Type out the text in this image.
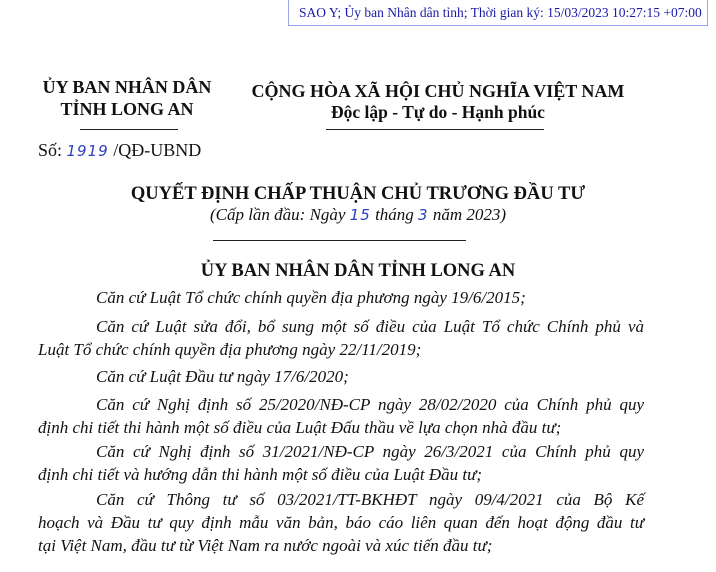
SAO Y; Ủy ban Nhân dân tỉnh; Thời gian ký: 15/03/2023 10:27:15 +07:00
ỦY BAN NHÂN DÂN
TỈNH LONG AN
CỘNG HÒA XÃ HỘI CHỦ NGHĨA VIỆT NAM
Độc lập - Tự do - Hạnh phúc
Số: 1919 /QĐ-UBND
QUYẾT ĐỊNH CHẤP THUẬN CHỦ TRƯƠNG ĐẦU TƯ
(Cấp lần đầu: Ngày 15 tháng 3 năm 2023)
ỦY BAN NHÂN DÂN TỈNH LONG AN
Căn cứ Luật Tổ chức chính quyền địa phương ngày 19/6/2015;
Căn cứ Luật sửa đổi, bổ sung một số điều của Luật Tổ chức Chính phủ và
Luật Tổ chức chính quyền địa phương ngày 22/11/2019;
Căn cứ Luật Đầu tư ngày 17/6/2020;
Căn cứ Nghị định số 25/2020/NĐ-CP ngày 28/02/2020 của Chính phủ quy
định chi tiết thi hành một số điều của Luật Đấu thầu về lựa chọn nhà đầu tư;
Căn cứ Nghị định số 31/2021/NĐ-CP ngày 26/3/2021 của Chính phủ quy
định chi tiết và hướng dẫn thi hành một số điều của Luật Đầu tư;
Căn cứ Thông tư số 03/2021/TT-BKHĐT ngày 09/4/2021 của Bộ Kế
hoạch và Đầu tư quy định mẫu văn bản, báo cáo liên quan đến hoạt động đầu tư
tại Việt Nam, đầu tư từ Việt Nam ra nước ngoài và xúc tiến đầu tư;
